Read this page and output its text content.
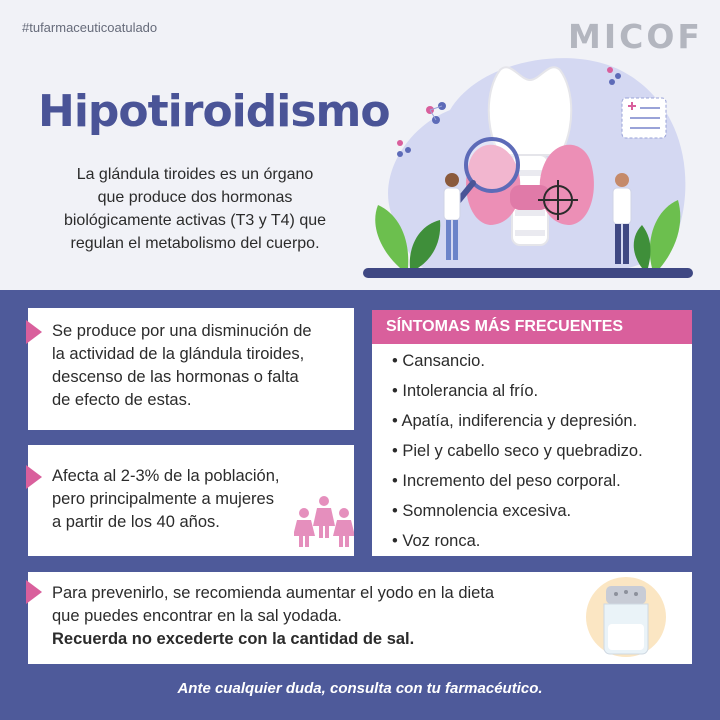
#tufarmaceuticoatulado	MICOF
Hipotiroidismo
La glándula tiroides es un órgano
que produce dos hormonas
biológicamente activas (T3 y T4) que
regulan el metabolismo del cuerpo.
Se produce por una disminución de
la actividad de la glándula tiroides,
descenso de las hormonas o falta
de efecto de estas.
Afecta al 2-3% de la población,
pero principalmente a mujeres
a partir de los 40 años.
SÍNTOMAS MÁS FRECUENTES
• Cansancio.
• Intolerancia al frío.
• Apatía, indiferencia y depresión.
• Piel y cabello seco y quebradizo.
• Incremento del peso corporal.
• Somnolencia excesiva.
• Voz ronca.
Para prevenirlo, se recomienda aumentar el yodo en la dieta
que puedes encontrar en la sal yodada.
Recuerda no excederte con la cantidad de sal.
Ante cualquier duda, consulta con tu farmacéutico.
